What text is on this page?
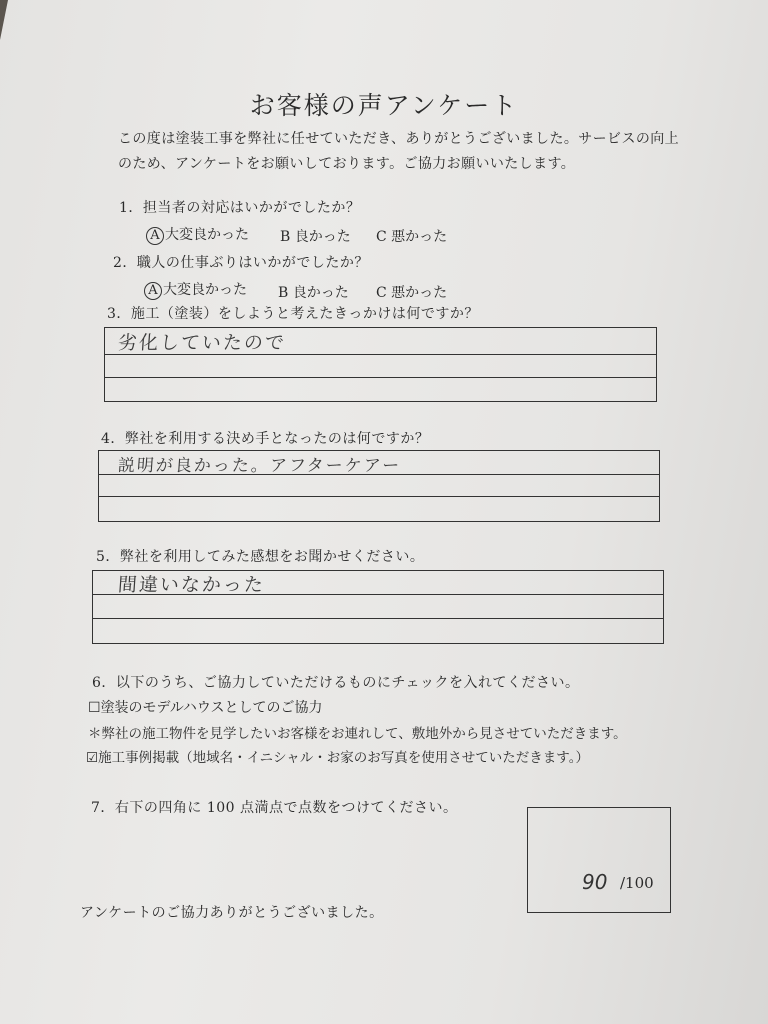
お客様の声アンケート
この度は塗装工事を弊社に任せていただき、ありがとうございました。サービスの向上
のため、アンケートをお願いしております。ご協力お願いいたします。
1．担当者の対応はいかがでしたか？
A 大変良かった B 良かった C 悪かった
2．職人の仕事ぶりはいかがでしたか？
A 大変良かった B 良かった C 悪かった
3．施工（塗装）をしようと考えたきっかけは何ですか？
劣化していたので
4．弊社を利用する決め手となったのは何ですか？
説明が良かった。アフターケアー
5．弊社を利用してみた感想をお聞かせください。
間違いなかった
6．以下のうち、ご協力していただけるものにチェックを入れてください。
☐塗装のモデルハウスとしてのご協力
＊弊社の施工物件を見学したいお客様をお連れして、敷地外から見させていただきます。
☑施工事例掲載（地域名・イニシャル・お家のお写真を使用させていただきます。）
7．右下の四角に 100 点満点で点数をつけてください。
90 /100
アンケートのご協力ありがとうございました。
